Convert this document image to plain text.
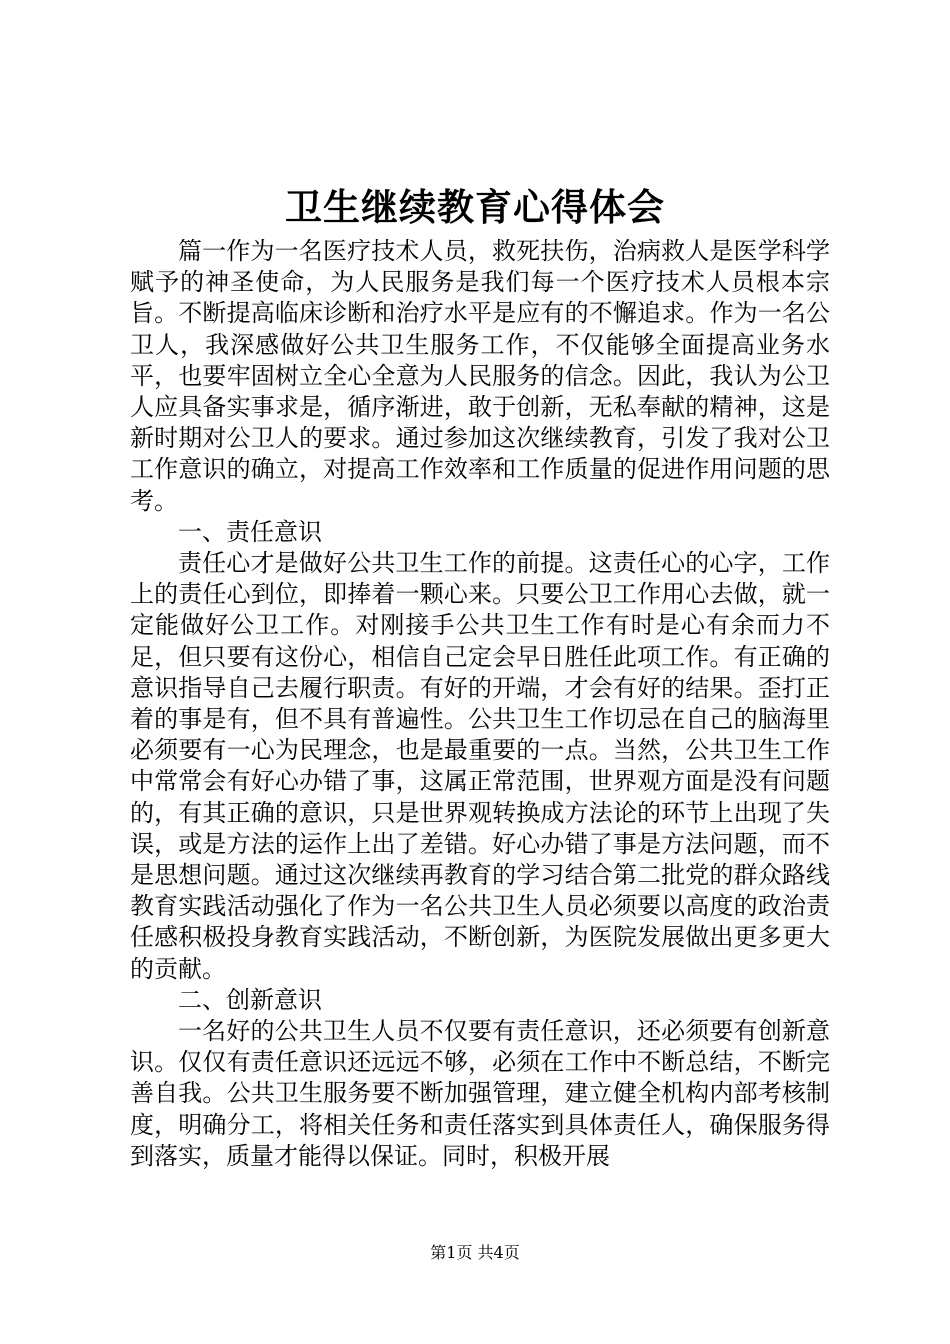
卫生继续教育心得体会

篇一作为一名医疗技术人员，救死扶伤，治病救人是医学科学赋予的神圣使命，为人民服务是我们每一个医疗技术人员根本宗旨。不断提高临床诊断和治疗水平是应有的不懈追求。作为一名公卫人，我深感做好公共卫生服务工作，不仅能够全面提高业务水平，也要牢固树立全心全意为人民服务的信念。因此，我认为公卫人应具备实事求是，循序渐进，敢于创新，无私奉献的精神，这是新时期对公卫人的要求。通过参加这次继续教育，引发了我对公卫工作意识的确立，对提高工作效率和工作质量的促进作用问题的思考。

一、责任意识

责任心才是做好公共卫生工作的前提。这责任心的心字，工作上的责任心到位，即捧着一颗心来。只要公卫工作用心去做，就一定能做好公卫工作。对刚接手公共卫生工作有时是心有余而力不足，但只要有这份心，相信自己定会早日胜任此项工作。有正确的意识指导自己去履行职责。有好的开端，才会有好的结果。歪打正着的事是有，但不具有普遍性。公共卫生工作切忌在自己的脑海里必须要有一心为民理念，也是最重要的一点。当然，公共卫生工作中常常会有好心办错了事，这属正常范围，世界观方面是没有问题的，有其正确的意识，只是世界观转换成方法论的环节上出现了失误，或是方法的运作上出了差错。好心办错了事是方法问题，而不是思想问题。通过这次继续再教育的学习结合第二批党的群众路线教育实践活动强化了作为一名公共卫生人员必须要以高度的政治责任感积极投身教育实践活动，不断创新，为医院发展做出更多更大的贡献。

二、创新意识

一名好的公共卫生人员不仅要有责任意识，还必须要有创新意识。仅仅有责任意识还远远不够，必须在工作中不断总结，不断完善自我。公共卫生服务要不断加强管理，建立健全机构内部考核制度，明确分工，将相关任务和责任落实到具体责任人，确保服务得到落实，质量才能得以保证。同时，积极开展

第1页 共4页
